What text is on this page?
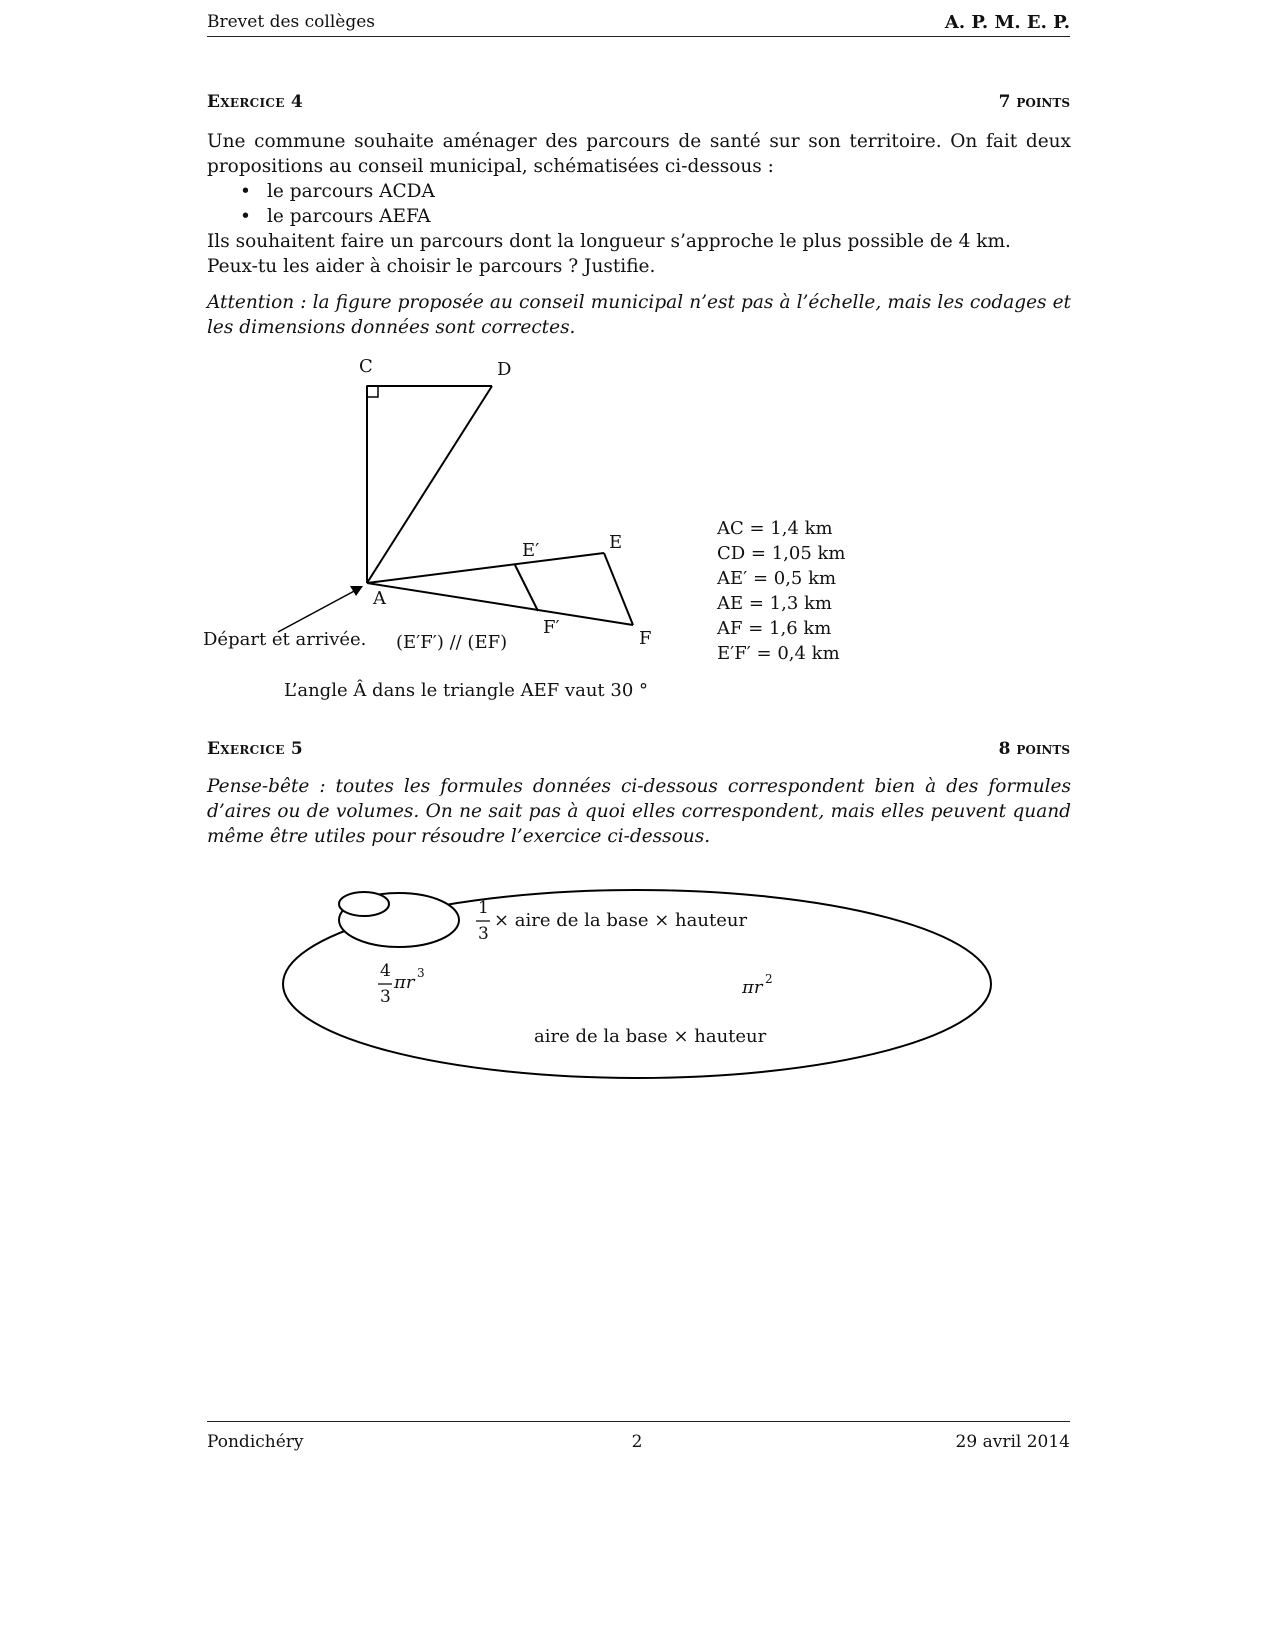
Brevet des collèges	A. P. M. E. P.
Exercice 4	7 points
Une commune souhaite aménager des parcours de santé sur son territoire. On fait deux propositions au conseil municipal, schématisées ci-dessous :
• le parcours ACDA
• le parcours AEFA
Ils souhaitent faire un parcours dont la longueur s’approche le plus possible de 4 km.
Peux-tu les aider à choisir le parcours ? Justifie.
Attention : la figure proposée au conseil municipal n’est pas à l’échelle, mais les codages et les dimensions données sont correctes.
C	D
A
E′	E
F′
F
Départ et arrivée. (E′F′) // (EF)
L’angle Â dans le triangle AEF vaut 30 °
AC = 1,4 km
CD = 1,05 km
AE′ = 0,5 km
AE = 1,3 km
AF = 1,6 km
E′F′ = 0,4 km
Exercice 5	8 points
Pense-bête : toutes les formules données ci-dessous correspondent bien à des formules d’aires ou de volumes. On ne sait pas à quoi elles correspondent, mais elles peuvent quand même être utiles pour résoudre l’exercice ci-dessous.
1
3
× aire de la base × hauteur
4
3
πr 3
πr 2
aire de la base × hauteur
Pondichéry	2	29 avril 2014
